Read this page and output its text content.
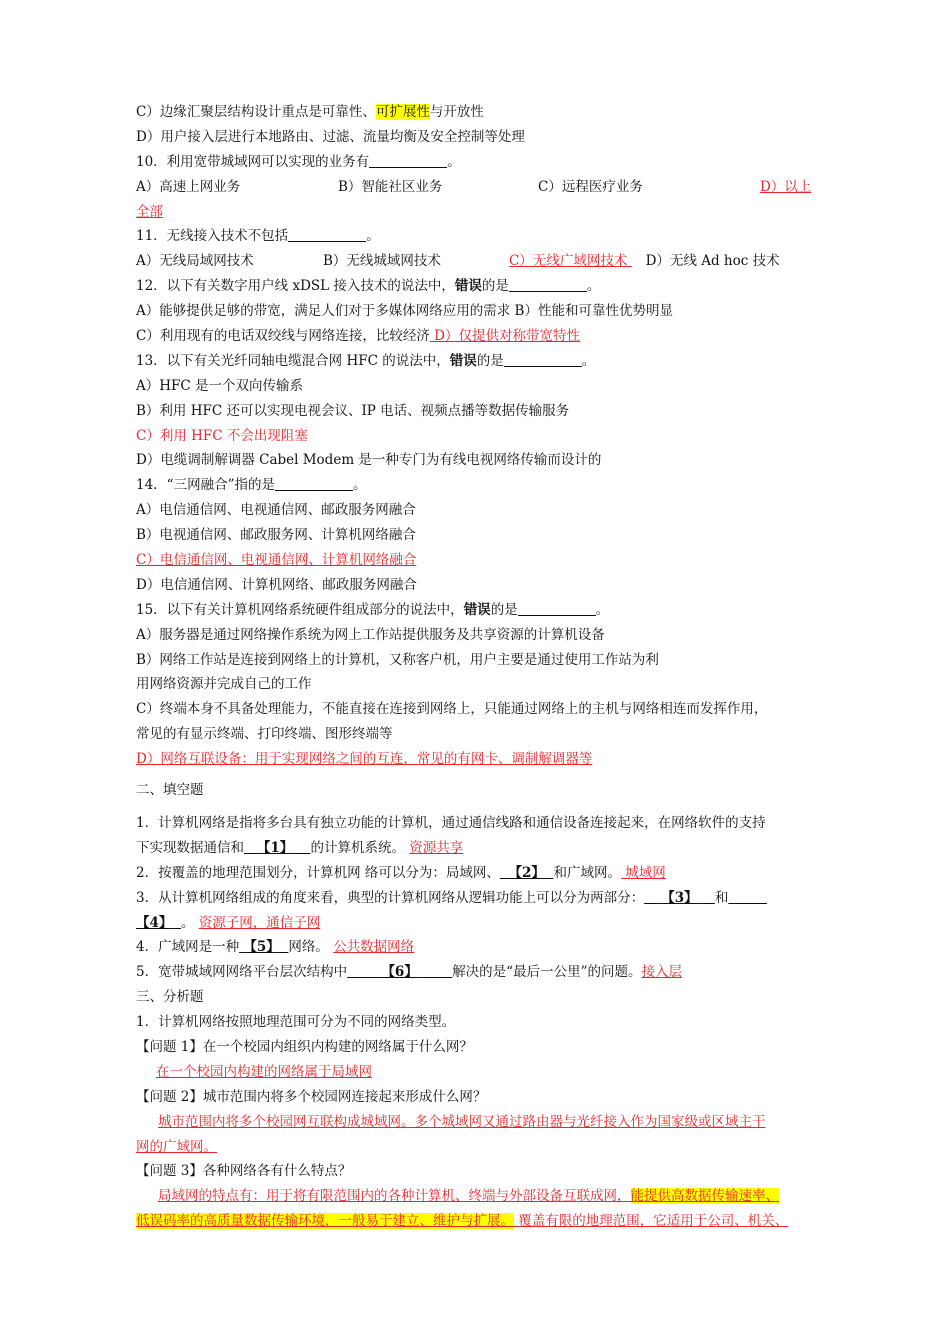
C）边缘汇聚层结构设计重点是可靠性、可扩展性与开放性
D）用户接入层进行本地路由、过滤、流量均衡及安全控制等处理
10．利用宽带城域网可以实现的业务有	。
A）高速上网业务	B）智能社区业务	C）远程医疗业务	D）以上
全部
11．无线接入技术不包括	。
A）无线局域网技术	B）无线城域网技术	C）无线广域网技术 D）无线 Ad hoc 技术
12．以下有关数字用户线 xDSL 接入技术的说法中，错误的是	。
A）能够提供足够的带宽，满足人们对于多媒体网络应用的需求 B）性能和可靠性优势明显
C）利用现有的电话双绞线与网络连接，比较经济 D）仅提供对称带宽特性
13．以下有关光纤同轴电缆混合网 HFC 的说法中，错误的是	。
A）HFC 是一个双向传输系
B）利用 HFC 还可以实现电视会议、IP 电话、视频点播等数据传输服务
C）利用 HFC 不会出现阻塞
D）电缆调制解调器 Cabel Modem 是一种专门为有线电视网络传输而设计的
14．“三网融合”指的是	。
A）电信通信网、电视通信网、邮政服务网融合
B）电视通信网、邮政服务网、计算机网络融合
C）电信通信网、电视通信网、计算机网络融合
D）电信通信网、计算机网络、邮政服务网融合
15．以下有关计算机网络系统硬件组成部分的说法中，错误的是	。
A）服务器是通过网络操作系统为网上工作站提供服务及共享资源的计算机设备
B）网络工作站是连接到网络上的计算机，又称客户机，用户主要是通过使用工作站为利
用网络资源并完成自己的工作
C）终端本身不具备处理能力，不能直接在连接到网络上，只能通过网络上的主机与网络相连而发挥作用，
常见的有显示终端、打印终端、图形终端等
D）网络互联设备：用于实现网络之间的互连，常见的有网卡、调制解调器等
二、填空题
1．计算机网络是指将多台具有独立功能的计算机，通过通信线路和通信设备连接起来，在网络软件的支持
下实现数据通信和 【1】 的计算机系统。 资源共享
2．按覆盖的地理范围划分，计算机网 络可以分为：局域网、 【2】 和广域网。 城域网
3．从计算机网络组成的角度来看，典型的计算机网络从逻辑功能上可以分为两部分： 【3】 和
【4】 。 资源子网，通信子网
4．广域网是一种 【5】 网络。 公共数据网络
5．宽带城域网网络平台层次结构中	【6】	解决的是“最后一公里”的问题。接入层
三、分析题
1．计算机网络按照地理范围可分为不同的网络类型。
【问题 1】在一个校园内组织内构建的网络属于什么网？
在一个校园内构建的网络属于局域网
【问题 2】城市范围内将多个校园网连接起来形成什么网？
城市范围内将多个校园网互联构成城域网。多个城域网又通过路由器与光纤接入作为国家级或区域主干
网的广域网。
【问题 3】各种网络各有什么特点？
局域网的特点有：用于将有限范围内的各种计算机、终端与外部设备互联成网，能提供高数据传输速率、
低误码率的高质量数据传输环境，一般易于建立、维护与扩展。 覆盖有限的地理范围，它适用于公司、机关、
